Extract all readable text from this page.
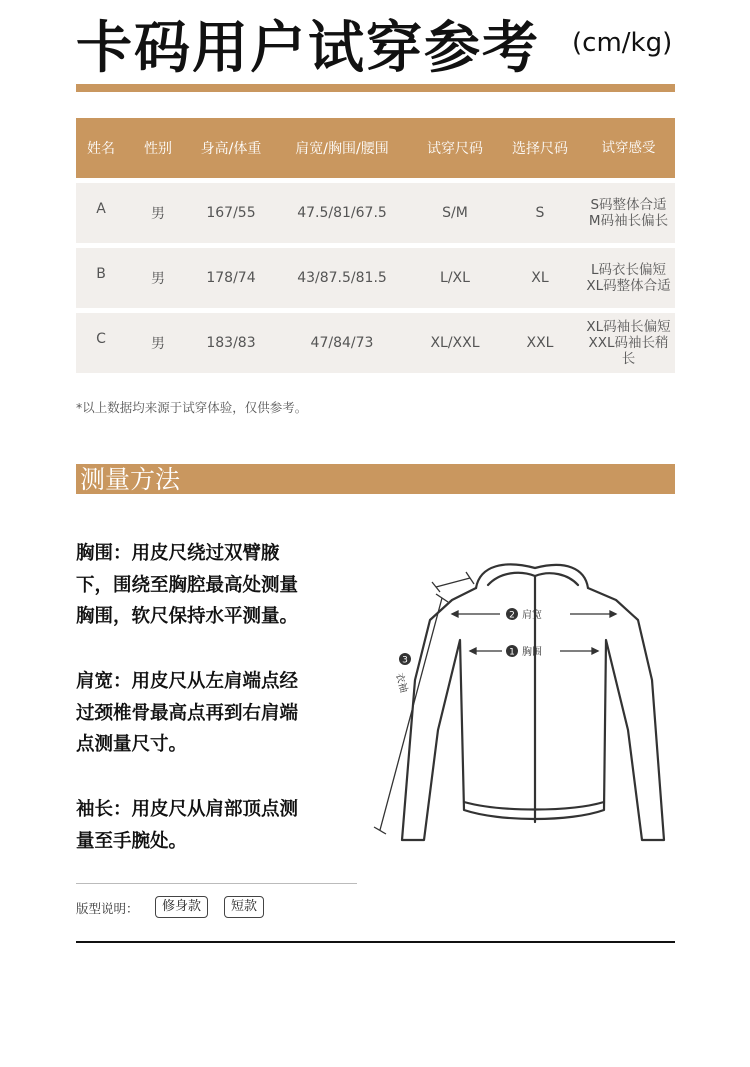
卡码用户试穿参考 (cm/kg)
姓名	性别	身高/体重	肩宽/胸围/腰围	试穿尺码	选择尺码	试穿感受
A	男	167/55	47.5/81/67.5	S/M	S	S码整体合适
M码袖长偏长
B	男	178/74	43/87.5/81.5	L/XL	XL	L码衣长偏短
XL码整体合适
C	男	183/83	47/84/73	XL/XXL	XXL
XL码袖长偏短
XXL码袖长稍长
*以上数据均来源于试穿体验，仅供参考。
测量方法
胸围：用皮尺绕过双臂腋
下，围绕至胸腔最高处测量
胸围，软尺保持水平测量。
肩宽：用皮尺从左肩端点经
过颈椎骨最高点再到右肩端
点测量尺寸。
袖长：用皮尺从肩部顶点测
量至手腕处。
2 肩宽
1 胸围
3
衣袖
版型说明：	修身款	短款
